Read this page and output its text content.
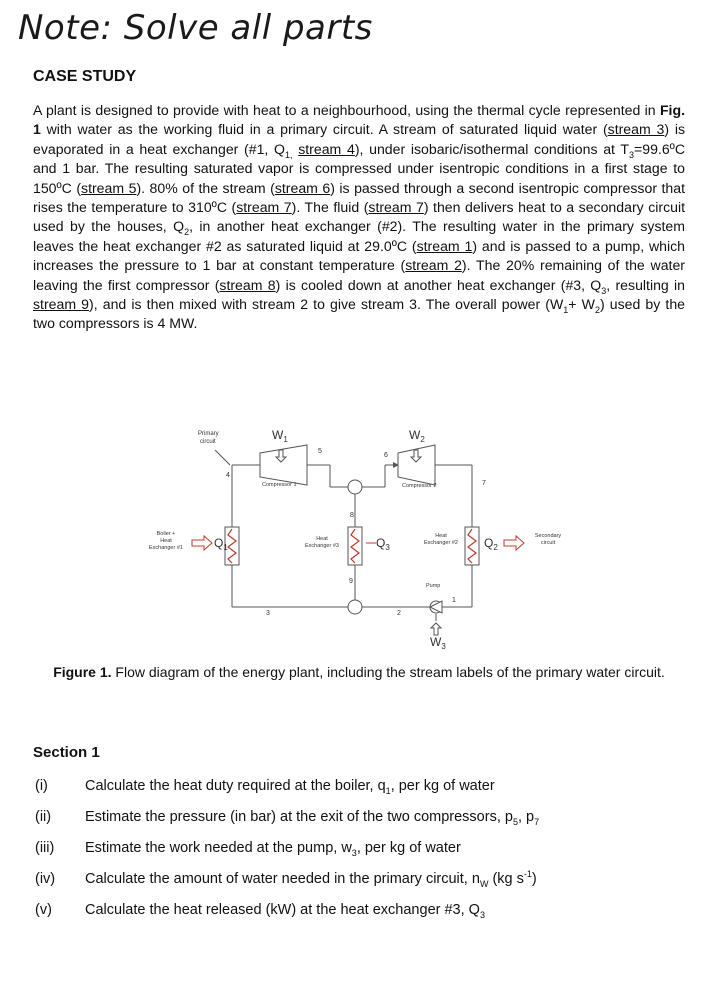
Note: Solve all parts
CASE STUDY

A plant is designed to provide with heat to a neighbourhood, using the thermal cycle represented in Fig. 1 with water as the working fluid in a primary circuit. A stream of saturated liquid water (stream 3) is evaporated in a heat exchanger (#1, $Q_{1,}$ stream 4), under isobaric/isothermal conditions at $T_3=99.6ºC$ and 1 bar. The resulting saturated vapor is compressed under isentropic conditions in a first stage to 150ºC (stream 5). 80% of the stream (stream 6) is passed through a second isentropic compressor that rises the temperature to 310ºC (stream 7). The fluid (stream 7) then delivers heat to a secondary circuit used by the houses, $Q_2$, in another heat exchanger (#2). The resulting water in the primary system leaves the heat exchanger #2 as saturated liquid at 29.0ºC (stream 1) and is passed to a pump, which increases the pressure to 1 bar at constant temperature (stream 2). The 20% remaining of the water leaving the first compressor (stream 8) is cooled down at another heat exchanger (#3, $Q_3$, resulting in stream 9), and is then mixed with stream 2 to give stream 3. The overall power $(W_1+ W_2)$ used by the two compressors is 4 MW.

Primary circuit	$W_1$	$W_2$
Compressor 1	Compressor 2
Boiler + Heat Exchanger #1	$Q_1$
Heat Exchanger #3	$Q_3$
Heat Exchanger #2 $Q_2$
Secondary circuit
Pump
$W_3$
4
5
6
7
8
9
3	2
1
Figure 1. Flow diagram of the energy plant, including the stream labels of the primary water circuit.
Section 1
(i)	Calculate the heat duty required at the boiler, $q_1$, per kg of water
(ii)	Estimate the pressure (in bar) at the exit of the two compressors, $p_5$, $p_7$
(iii)	Estimate the work needed at the pump, $w_3$, per kg of water
(iv)	Calculate the amount of water needed in the primary circuit, $n_W$ (kg $s^{-1}$)
(v)	Calculate the heat released (kW) at the heat exchanger #3, $Q_3$
